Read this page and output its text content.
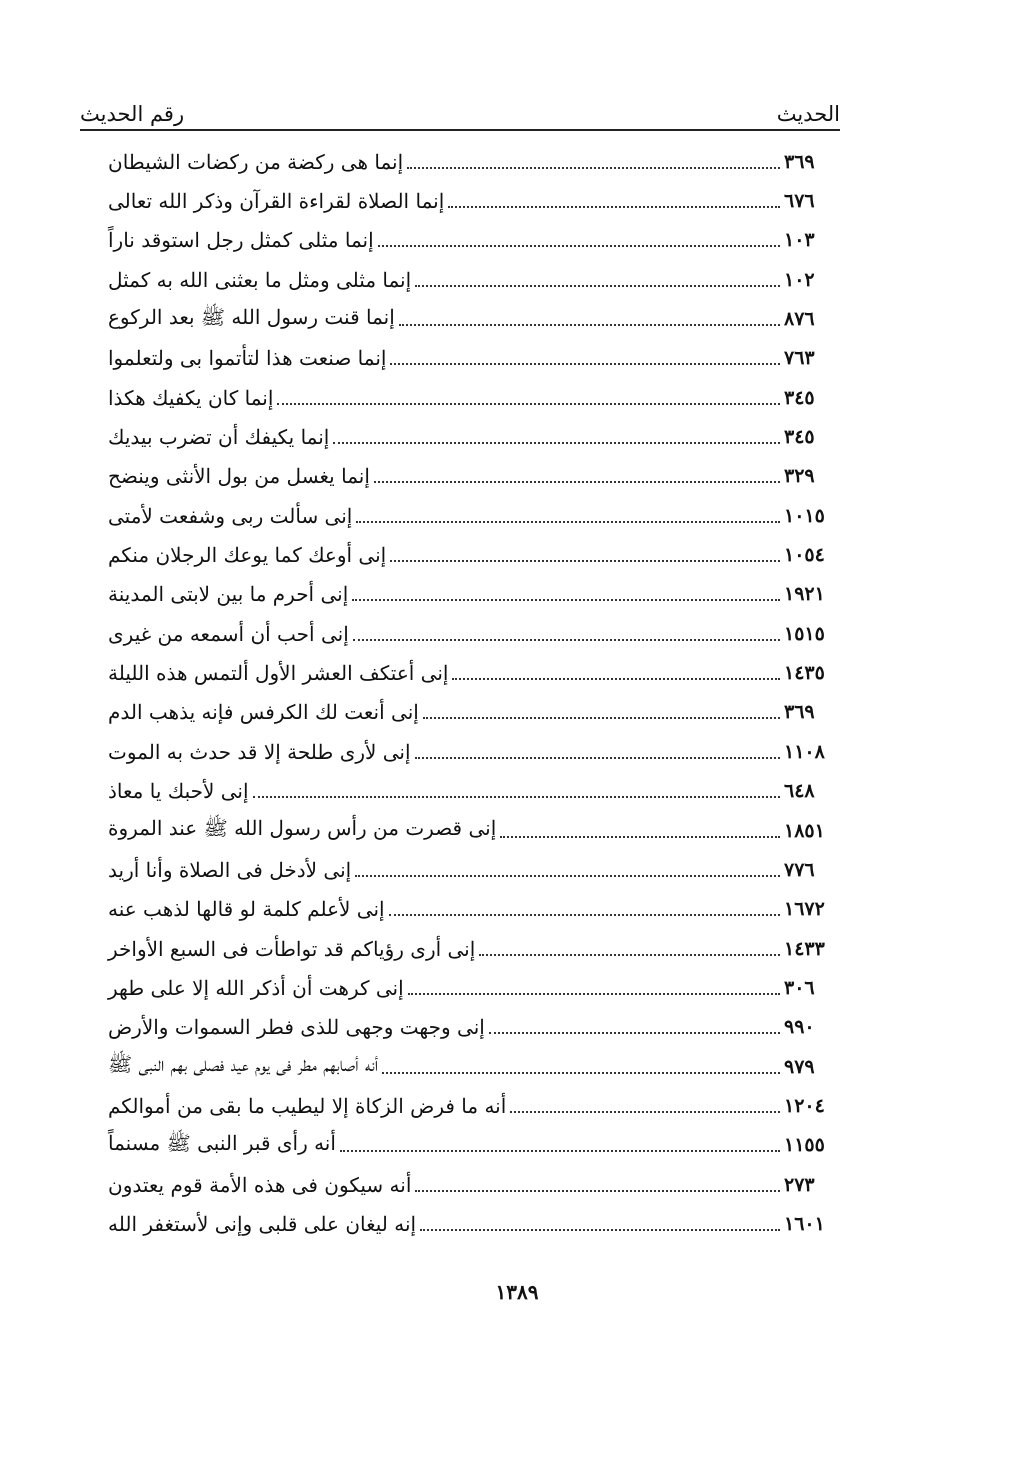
الحديث
رقم الحديث
إنما هى ركضة من ركضات الشيطان	٣٦٩
إنما الصلاة لقراءة القرآن وذكر الله تعالى	٦٧٦
إنما مثلى كمثل رجل استوقد ناراً	١٠٣
إنما مثلى ومثل ما بعثنى الله به كمثل	١٠٢
إنما قنت رسول الله ﷺ بعد الركوع	٨٧٦
إنما صنعت هذا لتأتموا بى ولتعلموا	٧٦٣
إنما كان يكفيك هكذا	٣٤٥
إنما يكيفك أن تضرب بيديك	٣٤٥
إنما يغسل من بول الأنثى وينضح	٣٢٩
إنى سألت ربى وشفعت لأمتى	١٠١٥
إنى أوعك كما يوعك الرجلان منكم	١٠٥٤
إنى أحرم ما بين لابتى المدينة	١٩٢١
إنى أحب أن أسمعه من غيرى	١٥١٥
إنى أعتكف العشر الأول ألتمس هذه الليلة	١٤٣٥
إنى أنعت لك الكرفس فإنه يذهب الدم	٣٦٩
إنى لأرى طلحة إلا قد حدث به الموت	١١٠٨
إنى لأحبك يا معاذ	٦٤٨
إنى قصرت من رأس رسول الله ﷺ عند المروة	١٨٥١
إنى لأدخل فى الصلاة وأنا أريد	٧٧٦
إنى لأعلم كلمة لو قالها لذهب عنه	١٦٧٢
إنى أرى رؤياكم قد تواطأت فى السبع الأواخر	١٤٣٣
إنى كرهت أن أذكر الله إلا على طهر	٣٠٦
إنى وجهت وجهى للذى فطر السموات والأرض	٩٩٠
أنه أصابهم مطر فى يوم عيد فصلى بهم النبى ﷺ	٩٧٩
أنه ما فرض الزكاة إلا ليطيب ما بقى من أموالكم	١٢٠٤
أنه رأى قبر النبى ﷺ مسنماً	١١٥٥
أنه سيكون فى هذه الأمة قوم يعتدون	٢٧٣
إنه ليغان على قلبى وإنى لأستغفر الله	١٦٠١
١٣٨٩
